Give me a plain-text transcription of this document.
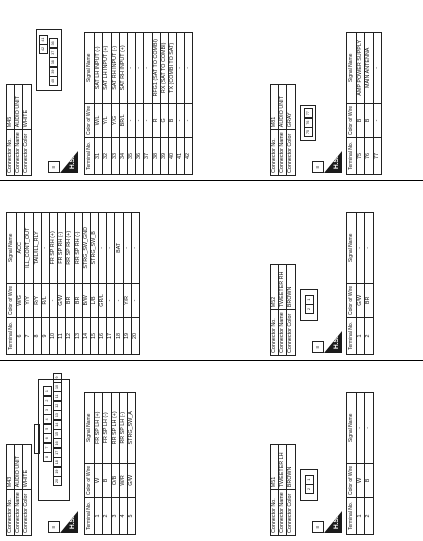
Connector No.	M43
Connector Name	AUDIO UNIT
Connector Color	WHITE
≡	H.S.
8
7
6
5
4
3
2
1
20
19
18
17
16
15
14
13
12
11
10
9
Terminal No.	Color of Wire	Signal Name
1	W	FR SP LH (+)
2	B	FR SP LH (-)
3	O/B	RR SP LH (+)
4	W/R	RR SP LH (-)
5	G/W	STRG_SW_A
Connector No.	M51
Connector Name	TWEETER LH
Connector Color	BROWN
≡	H.S.
2
1
Terminal No.	Color of Wire	Signal Name
1	W	-
2	B	-
Terminal No.	Color of Wire	Signal Name
6	W/G	ACC
7	Y/Y	ILL_CONT_OUT
8	R/Y	TAIL/ILL_RLY
9	R/L	-
10	-	FR SP RH (+)
11	G/W	FR SP RH (-)
12	BR	RR SP RH (+)
13	BR	RR SP RH (-)
14	B/W	STRG_SW_GND
15	L/B	STRG_SW_B
16	GR/L	-
17	-	-
18	-	BAT
19	Y/R	-
20	-	-
Connector No.	M52
Connector Name	TWEETER RH
Connector Color	BROWN
≡	H.S.
2
1
Terminal No.	Color of Wire	Signal Name
1	G/W	-
2	BR	-
Connector No.	M45
Connector Name	AUDIO UNIT
Connector Color	WHITE
≡	H.S.
42
41
40
39
38
37
36
Terminal No.	Color of Wire	Signal Name
31	W/L	SAT LH INPUT (-)
32	Y/L	SAT LH INPUT (+)
33	Y/G	SAT RH INPUT (-)
34	BR/L	SAT RH INPUT (+)
35	-	-
36	-	-
37	-	-
38	R	RFG1 (SAT TO COMBI)
39	G	RX (SAT TO COMBI)
40	B	TX (COMBI TO SAT)
41	-	-
42	-	-
Connector No.	M81
Connector Name	AUDIO UNIT
Connector Color	GRAY
≡	H.S.
75
76
77
Terminal No.	Color of Wire	Signal Name
75	B	AMP POWER SUPPLY
76	B	MAIN ANTENNA
77	-	-
